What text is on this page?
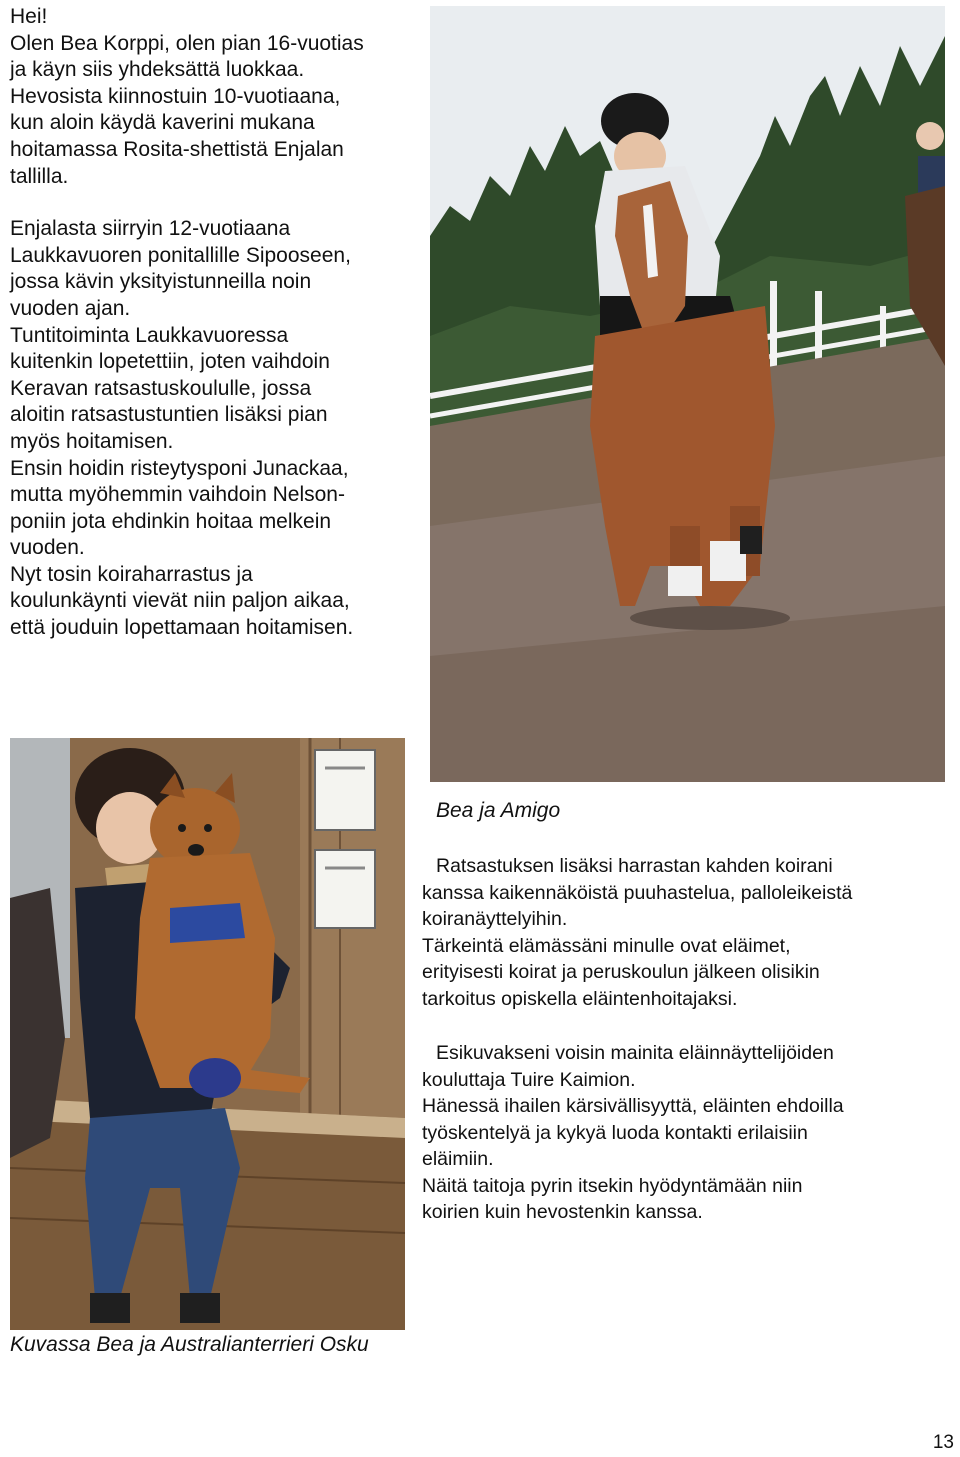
Hei!

Olen Bea Korppi, olen pian 16-vuotias

ja käyn siis yhdeksättä luokkaa.

Hevosista kiinnostuin 10-vuotiaana,

kun aloin käydä kaverini mukana

hoitamassa Rosita-shettistä Enjalan

tallilla.

Enjalasta siirryin 12-vuotiaana

Laukkavuoren ponitallille Sipooseen,

jossa kävin yksityistunneilla noin

vuoden ajan.

Tuntitoiminta Laukkavuoressa

kuitenkin lopetettiin, joten vaihdoin

Keravan ratsastuskoululle, jossa

aloitin ratsastustuntien lisäksi pian

myös hoitamisen.

Ensin hoidin risteytysponi Junackaa,

mutta myöhemmin vaihdoin Nelson-

poniin jota ehdinkin hoitaa melkein

vuoden.

Nyt tosin koiraharrastus ja

koulunkäynti vievät niin paljon aikaa,

että jouduin lopettamaan hoitamisen.

Bea ja Amigo
Kuvassa Bea ja Australianterrieri Osku

Ratsastuksen lisäksi harrastan kahden koirani

kanssa kaikennäköistä puuhastelua, palloleikeistä

koiranäyttelyihin.

Tärkeintä elämässäni minulle ovat eläimet,

erityisesti koirat ja peruskoulun jälkeen olisikin

tarkoitus opiskella eläintenhoitajaksi.

Esikuvakseni voisin mainita eläinnäyttelijöiden

kouluttaja Tuire Kaimion.

Hänessä ihailen kärsivällisyyttä, eläinten ehdoilla

työskentelyä ja kykyä luoda kontakti erilaisiin

eläimiin.

Näitä taitoja pyrin itsekin hyödyntämään niin

koirien kuin hevostenkin kanssa.

13
